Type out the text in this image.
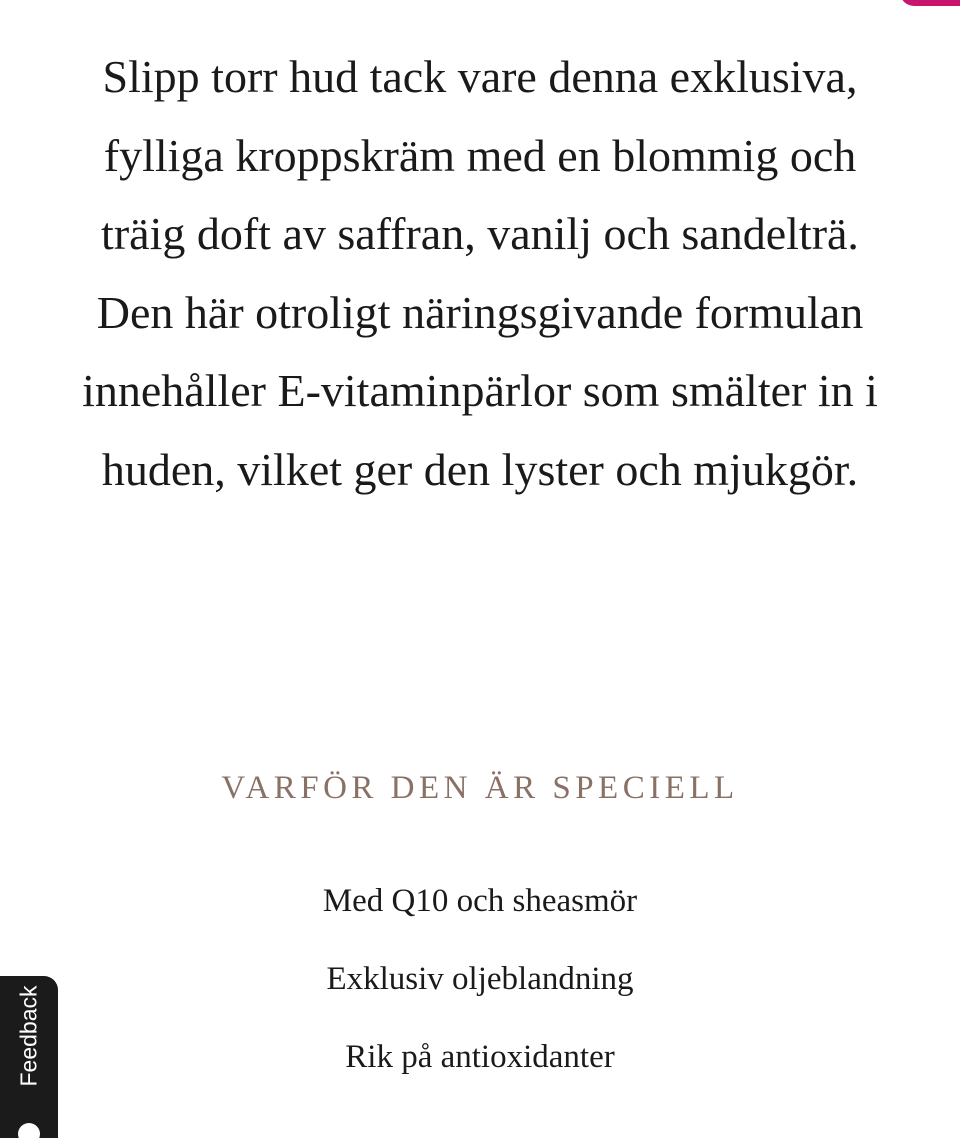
Slipp torr hud tack vare denna exklusiva, fylliga kroppskräm med en blommig och träig doft av saffran, vanilj och sandelträ. Den här otroligt näringsgivande formulan innehåller E-vitaminpärlor som smälter in i huden, vilket ger den lyster och mjukgör.

VARFÖR DEN ÄR SPECIELL
Med Q10 och sheasmör
Exklusiv oljeblandning
Rik på antioxidanter
Feedback
